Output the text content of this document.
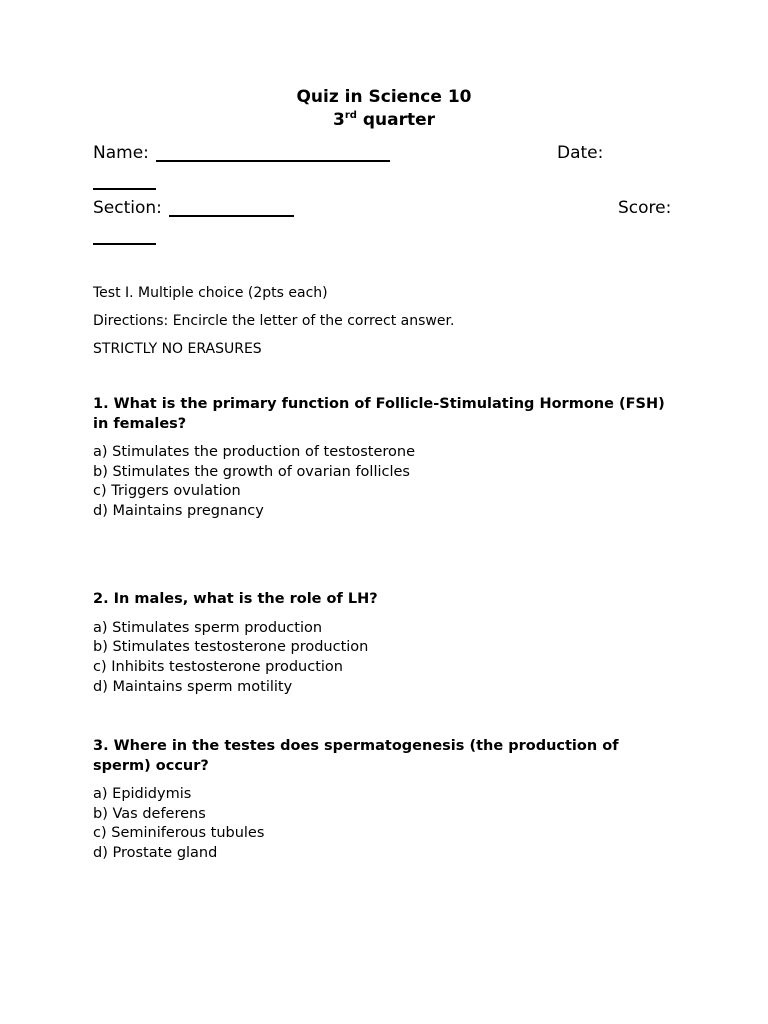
Quiz in Science 10
3rd quarter
Name:	Date:
Section:	Score:
Test I. Multiple choice (2pts each)
Directions: Encircle the letter of the correct answer.
STRICTLY NO ERASURES

1. What is the primary function of Follicle-Stimulating Hormone (FSH) in females?

a) Stimulates the production of testosterone

b) Stimulates the growth of ovarian follicles

c) Triggers ovulation

d) Maintains pregnancy

2. In males, what is the role of LH?

a) Stimulates sperm production

b) Stimulates testosterone production

c) Inhibits testosterone production

d) Maintains sperm motility

3. Where in the testes does spermatogenesis (the production of sperm) occur?

a) Epididymis

b) Vas deferens

c) Seminiferous tubules

d) Prostate gland
